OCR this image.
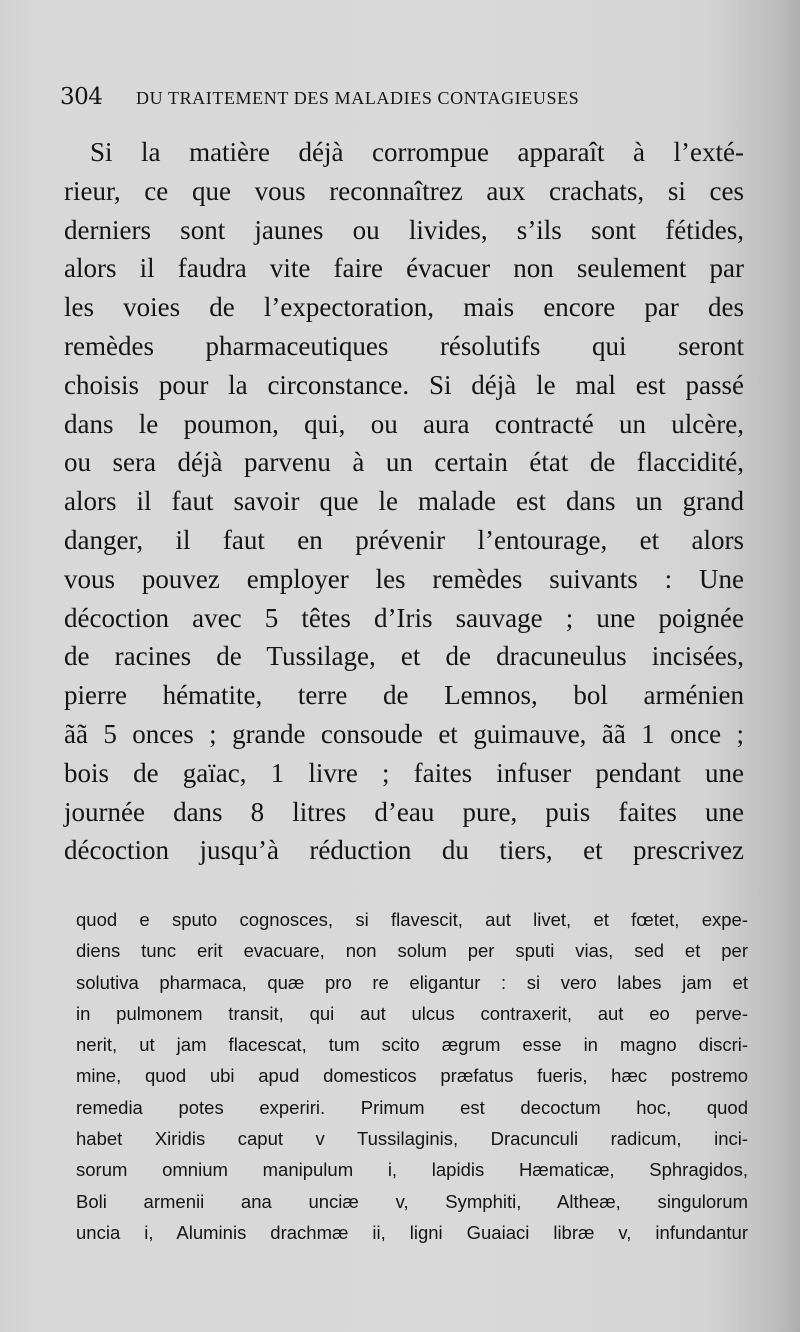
304 DU TRAITEMENT DES MALADIES CONTAGIEUSES
Si la matière déjà corrompue apparaît à l’exté-
rieur, ce que vous reconnaîtrez aux crachats, si ces
derniers sont jaunes ou livides, s’ils sont fétides,
alors il faudra vite faire évacuer non seulement par
les voies de l’expectoration, mais encore par des
remèdes pharmaceutiques résolutifs qui seront
choisis pour la circonstance. Si déjà le mal est passé
dans le poumon, qui, ou aura contracté un ulcère,
ou sera déjà parvenu à un certain état de flaccidité,
alors il faut savoir que le malade est dans un grand
danger, il faut en prévenir l’entourage, et alors
vous pouvez employer les remèdes suivants : Une
décoction avec 5 têtes d’Iris sauvage ; une poignée
de racines de Tussilage, et de dracuneulus incisées,
pierre hématite, terre de Lemnos, bol arménien
ãã 5 onces ; grande consoude et guimauve, ãã 1 once ;
bois de gaïac, 1 livre ; faites infuser pendant une
journée dans 8 litres d’eau pure, puis faites une
décoction jusqu’à réduction du tiers, et prescrivez
quod e sputo cognosces, si flavescit, aut livet, et fœtet, expe-
diens tunc erit evacuare, non solum per sputi vias, sed et per
solutiva pharmaca, quæ pro re eligantur : si vero labes jam et
in pulmonem transit, qui aut ulcus contraxerit, aut eo perve-
nerit, ut jam flacescat, tum scito ægrum esse in magno discri-
mine, quod ubi apud domesticos præfatus fueris, hæc postremo
remedia potes experiri. Primum est decoctum hoc, quod
habet Xiridis caput v Tussilaginis, Dracunculi radicum, inci-
sorum omnium manipulum i, lapidis Hæmaticæ, Sphragidos,
Boli armenii ana unciæ v, Symphiti, Altheæ, singulorum
uncia i, Aluminis drachmæ ii, ligni Guaiaci libræ v, infundantur
